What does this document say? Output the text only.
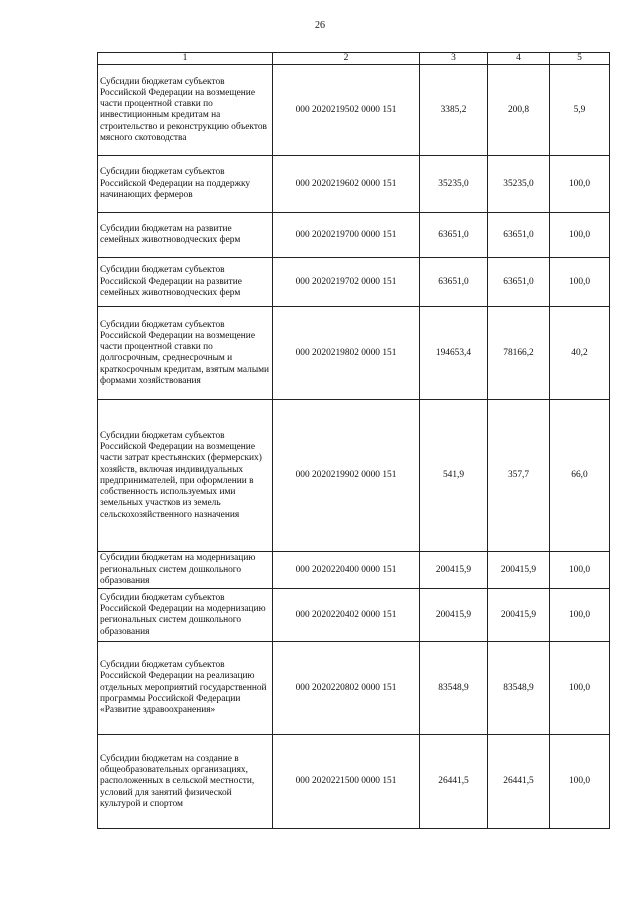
26
1	2	3	4	5
Субсидии бюджетам субъектов Российской Федерации на возмещение части процентной ставки по инвестиционным кредитам на строительство и реконструкцию объектов мясного скотоводства	000 2020219502 0000 151	3385,2	200,8	5,9
Субсидии бюджетам субъектов Российской Федерации на поддержку начинающих фермеров	000 2020219602 0000 151	35235,0	35235,0	100,0
Субсидии бюджетам на развитие семейных животноводческих ферм	000 2020219700 0000 151	63651,0	63651,0	100,0
Субсидии бюджетам субъектов Российской Федерации на развитие семейных животноводческих ферм	000 2020219702 0000 151	63651,0	63651,0	100,0
Субсидии бюджетам субъектов Российской Федерации на возмещение части процентной ставки по долгосрочным, среднесрочным и краткосрочным кредитам, взятым малыми формами хозяйствования	000 2020219802 0000 151	194653,4	78166,2	40,2
Субсидии бюджетам субъектов Российской Федерации на возмещение части затрат крестьянских (фермерских) хозяйств, включая индивидуальных предпринимателей, при оформлении в собственность используемых ими земельных участков из земель сельскохозяйственного назначения	000 2020219902 0000 151	541,9	357,7	66,0
Субсидии бюджетам на модернизацию региональных систем дошкольного образования	000 2020220400 0000 151	200415,9	200415,9	100,0
Субсидии бюджетам субъектов Российской Федерации на модернизацию региональных систем дошкольного образования	000 2020220402 0000 151	200415,9	200415,9	100,0
Субсидии бюджетам субъектов Российской Федерации на реализацию отдельных мероприятий государственной программы Российской Федерации «Развитие здравоохранения»	000 2020220802 0000 151	83548,9	83548,9	100,0
Субсидии бюджетам на создание в общеобразовательных организациях, расположенных в сельской местности, условий для занятий физической культурой и спортом	000 2020221500 0000 151	26441,5	26441,5	100,0
